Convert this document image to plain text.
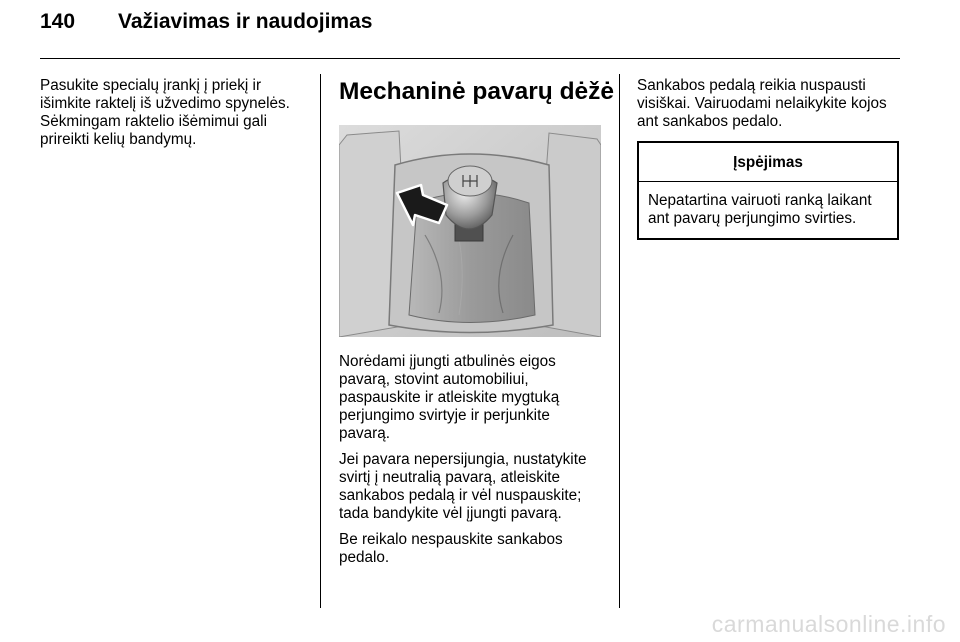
140 Važiavimas ir naudojimas

Pasukite specialų įrankį į priekį ir išimkite raktelį iš užvedimo spynelės. Sėkmingam raktelio išėmimui gali prireikti kelių bandymų.

Mechaninė pavarų dėžė

Norėdami įjungti atbulinės eigos pavarą, stovint automobiliui, paspauskite ir atleiskite mygtuką perjungimo svirtyje ir perjunkite pavarą.

Jei pavara nepersijungia, nustatykite svirtį į neutralią pavarą, atleiskite sankabos pedalą ir vėl nuspauskite; tada bandykite vėl įjungti pavarą.

Be reikalo nespauskite sankabos pedalo.

Sankabos pedalą reikia nuspausti visiškai. Vairuodami nelaikykite kojos ant sankabos pedalo.

Įspėjimas
Nepatartina vairuoti ranką laikant ant pavarų perjungimo svirties.
carmanualsonline.info
